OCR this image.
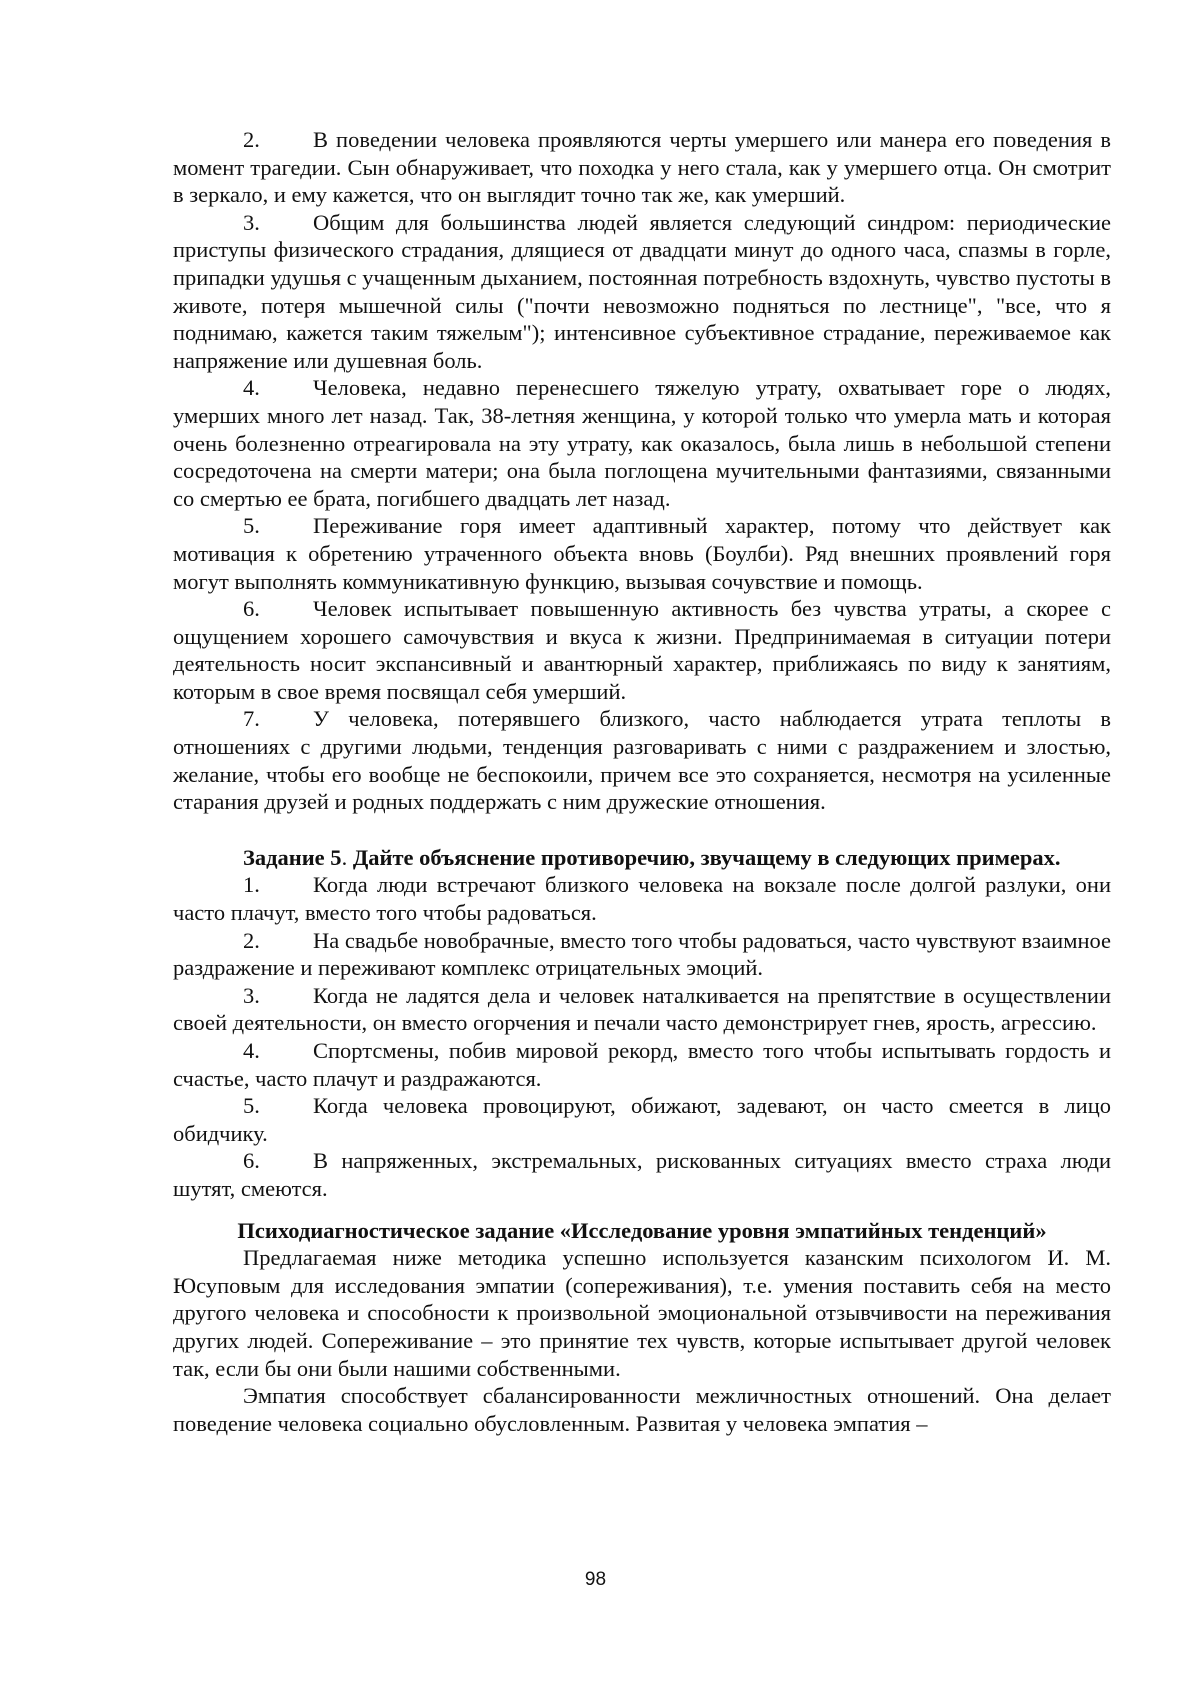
2. В поведении человека проявляются черты умершего или манера его поведения в момент трагедии. Сын обнаруживает, что походка у него стала, как у умершего отца. Он смотрит в зеркало, и ему кажется, что он выглядит точно так же, как умерший.

3. Общим для большинства людей является следующий синдром: периодические приступы физического страдания, длящиеся от двадцати минут до одного часа, спазмы в горле, припадки удушья с учащенным дыханием, постоянная потребность вздохнуть, чувство пустоты в животе, потеря мышечной силы ("почти невозможно подняться по лестнице", "все, что я поднимаю, кажется таким тяжелым"); интенсивное субъективное страдание, переживаемое как напряжение или душевная боль.

4. Человека, недавно перенесшего тяжелую утрату, охватывает горе о людях, умерших много лет назад. Так, 38-летняя женщина, у которой только что умерла мать и которая очень болезненно отреагировала на эту утрату, как оказалось, была лишь в небольшой степени сосредоточена на смерти матери; она была поглощена мучительными фантазиями, связанными со смертью ее брата, погибшего двадцать лет назад.

5. Переживание горя имеет адаптивный характер, потому что действует как мотивация к обретению утраченного объекта вновь (Боулби). Ряд внешних проявлений горя могут выполнять коммуникативную функцию, вызывая сочувствие и помощь.

6. Человек испытывает повышенную активность без чувства утраты, а скорее с ощущением хорошего самочувствия и вкуса к жизни. Предпринимаемая в ситуации потери деятельность носит экспансивный и авантюрный характер, приближаясь по виду к занятиям, которым в свое время посвящал себя умерший.

7. У человека, потерявшего близкого, часто наблюдается утрата теплоты в отношениях с другими людьми, тенденция разговаривать с ними с раздражением и злостью, желание, чтобы его вообще не беспокоили, причем все это сохраняется, несмотря на усиленные старания друзей и родных поддержать с ним дружеские отношения.

Задание 5. Дайте объяснение противоречию, звучащему в следующих примерах.

1. Когда люди встречают близкого человека на вокзале после долгой разлуки, они часто плачут, вместо того чтобы радоваться.

2. На свадьбе новобрачные, вместо того чтобы радоваться, часто чувствуют взаимное раздражение и переживают комплекс отрицательных эмоций.

3. Когда не ладятся дела и человек наталкивается на препятствие в осуществлении своей деятельности, он вместо огорчения и печали часто демонстрирует гнев, ярость, агрессию.

4. Спортсмены, побив мировой рекорд, вместо того чтобы испытывать гордость и счастье, часто плачут и раздражаются.

5. Когда человека провоцируют, обижают, задевают, он часто смеется в лицо обидчику.

6. В напряженных, экстремальных, рискованных ситуациях вместо страха люди шутят, смеются.

Психодиагностическое задание «Исследование уровня эмпатийных тенденций»

Предлагаемая ниже методика успешно используется казанским психологом И. М. Юсуповым для исследования эмпатии (сопереживания), т.е. умения поставить себя на место другого человека и способности к произвольной эмоциональной отзывчивости на переживания других людей. Сопереживание – это принятие тех чувств, которые испытывает другой человек так, если бы они были нашими собственными.

Эмпатия способствует сбалансированности межличностных отношений. Она делает поведение человека социально обусловленным. Развитая у человека эмпатия –

98
